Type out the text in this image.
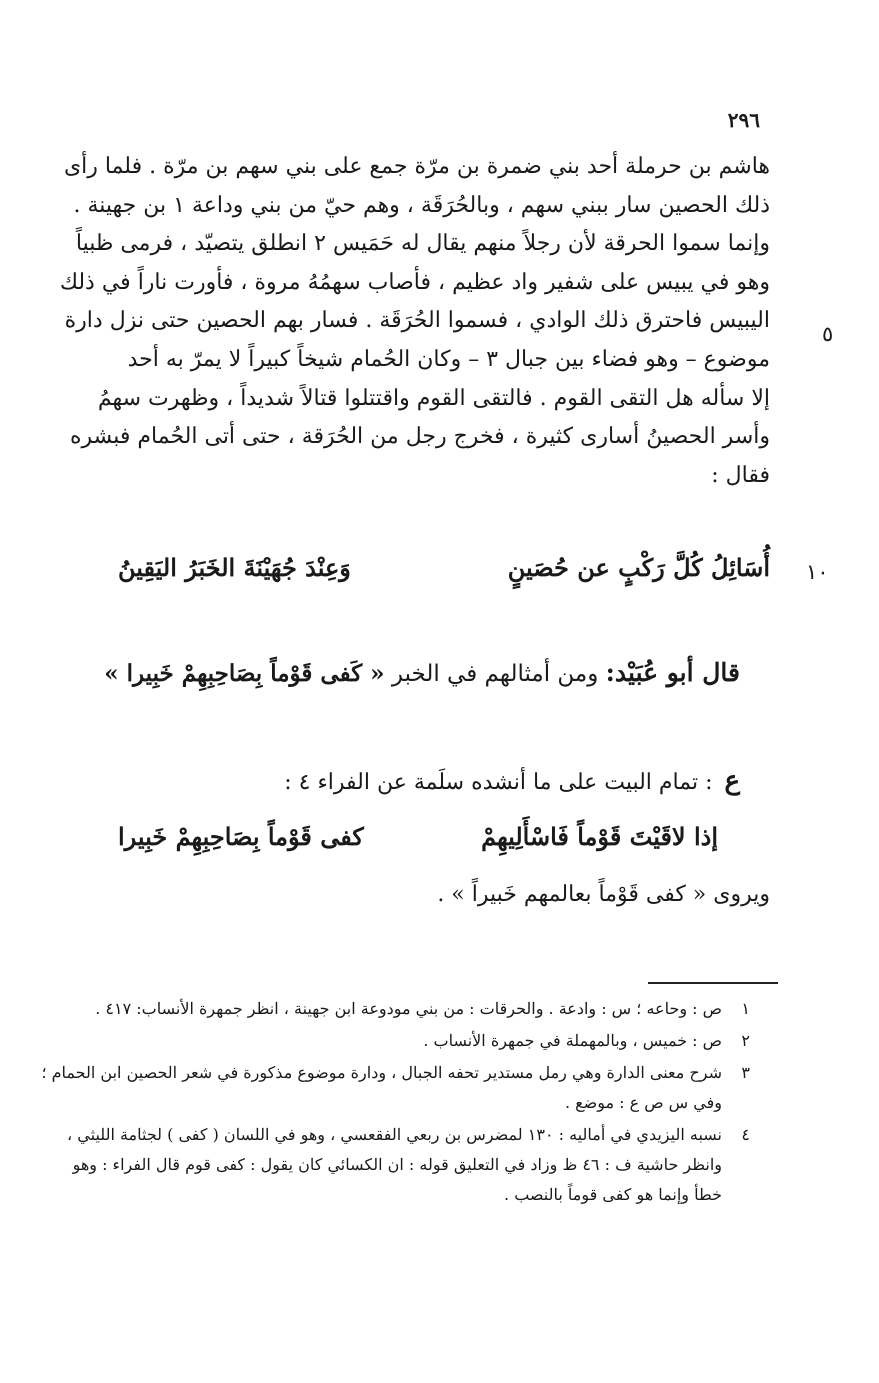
٢٩٦
٥
١٠

هاشم بن حرملة أحد بني ضمرة بن مرّة جمع على بني سهم بن مرّة . فلما رأى

ذلك الحصين سار ببني سهم ، وبالحُرَقَة ، وهم حيّ من بني وداعة ١ بن جهينة .

وإنما سموا الحرقة لأن رجلاً منهم يقال له حَمَيس ٢ انطلق يتصيّد ، فرمى ظبياً

وهو في يبيس على شفير واد عظيم ، فأصاب سهمُهُ مروة ، فأورت ناراً في ذلك

اليبيس فاحترق ذلك الوادي ، فسموا الحُرَقَة . فسار بهم الحصين حتى نزل دارة

موضوع – وهو فضاء بين جبال ٣ – وكان الحُمام شيخاً كبيراً لا يمرّ به أحد

إلا سأله هل التقى القوم . فالتقى القوم واقتتلوا قتالاً شديداً ، وظهرت سهمُ

وأسر الحصينُ أسارى كثيرة ، فخرج رجل من الحُرَقة ، حتى أتى الحُمام فبشره

فقال :

أُسَائِلُ كُلَّ رَكْبٍ عن حُصَينٍ
وَعِنْدَ جُهَيْنَةَ الخَبَرُ اليَقِينُ
قال أبو عُبَيْد: ومن أمثالهم في الخبر « كَفى قَوْماً بِصَاحِبِهِمْ خَبِيرا »
ع: تمام البيت على ما أنشده سلَمة عن الفراء ٤ :
إذا لاقَيْتَ قَوْماً فَاسْأَلِيهِمْ
كفى قَوْماً بِصَاحِبِهِمْ خَبِيرا
ويروى « كفى قَوْماً بعالمهم خَبيراً » .
١
ص : وحاعه ؛ س : وادعة . والحرقات : من بني مودوعة ابن جهينة ، انظر جمهرة الأنساب: ٤١٧ .
٢
ص : خميس ، وبالمهملة في جمهرة الأنساب .
٣
شرح معنى الدارة وهي رمل مستدير تحفه الجبال ، ودارة موضوع مذكورة في شعر الحصين ابن الحمام ؛ وفي س ص ع : موضع .
٤
نسبه اليزيدي في أماليه : ١٣٠ لمضرس بن ربعي الفقعسي ، وهو في اللسان ( كفى ) لجثامة الليثي ، وانظر حاشية ف : ٤٦ ظ وزاد في التعليق قوله : ان الكسائي كان يقول : كفى قوم قال الفراء : وهو خطأ وإنما هو كفى قوماً بالنصب .
